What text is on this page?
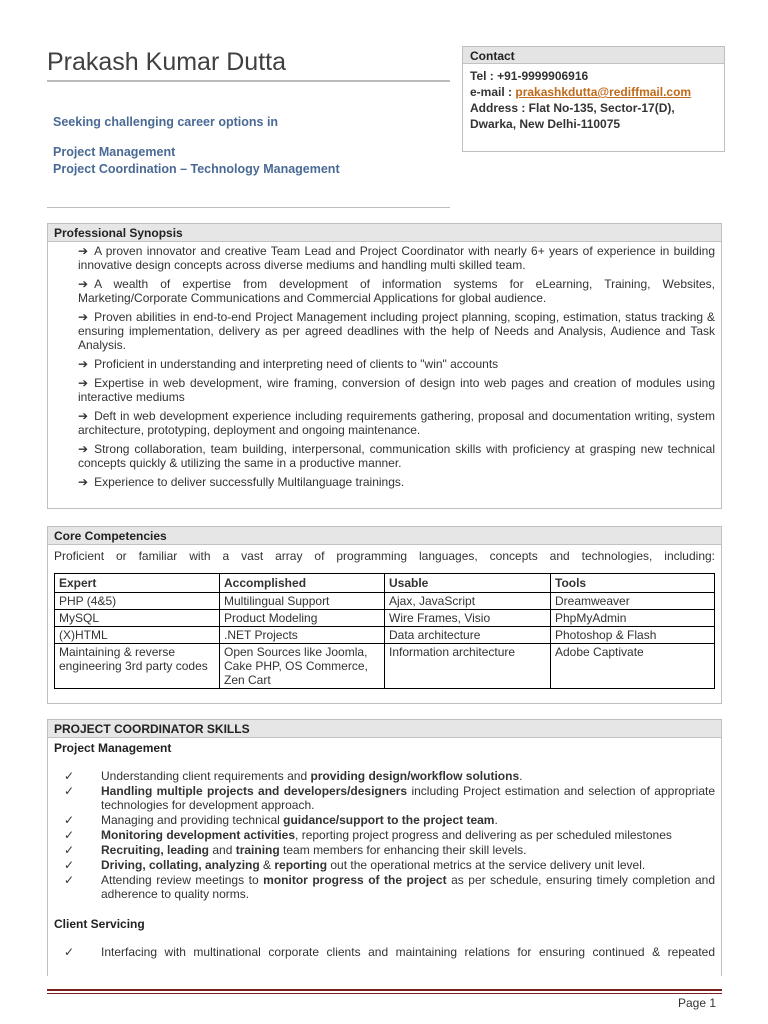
Prakash Kumar Dutta
Seeking challenging career options in
Project Management
Project Coordination – Technology Management
Contact
Tel : +91-9999906916
e-mail : prakashkdutta@rediffmail.com
Address : Flat No-135, Sector-17(D),
Dwarka, New Delhi-110075
Professional Synopsis
➔ A proven innovator and creative Team Lead and Project Coordinator with nearly 6+ years of experience in building innovative design concepts across diverse mediums and handling multi skilled team.
➔ A wealth of expertise from development of information systems for eLearning, Training, Websites, Marketing/Corporate Communications and Commercial Applications for global audience.
➔ Proven abilities in end-to-end Project Management including project planning, scoping, estimation, status tracking & ensuring implementation, delivery as per agreed deadlines with the help of Needs and Analysis, Audience and Task Analysis.
➔ Proficient in understanding and interpreting need of clients to "win" accounts
➔ Expertise in web development, wire framing, conversion of design into web pages and creation of modules using interactive mediums
➔ Deft in web development experience including requirements gathering, proposal and documentation writing, system architecture, prototyping, deployment and ongoing maintenance.
➔ Strong collaboration, team building, interpersonal, communication skills with proficiency at grasping new technical concepts quickly & utilizing the same in a productive manner.
➔ Experience to deliver successfully Multilanguage trainings.
Core Competencies
Proficient or familiar with a vast array of programming languages, concepts and technologies, including:
Expert	Accomplished	Usable	Tools
PHP (4&5)	Multilingual Support	Ajax, JavaScript	Dreamweaver
MySQL	Product Modeling	Wire Frames, Visio	PhpMyAdmin
(X)HTML	.NET Projects	Data architecture	Photoshop & Flash
Maintaining & reverse engineering 3rd party codes	Open Sources like Joomla, Cake PHP, OS Commerce, Zen Cart	Information architecture	Adobe Captivate
PROJECT COORDINATOR SKILLS
Project Management
✓	Understanding client requirements and providing design/workflow solutions.
✓	Handling multiple projects and developers/designers including Project estimation and selection of appropriate technologies for development approach.
✓	Managing and providing technical guidance/support to the project team.
✓	Monitoring development activities, reporting project progress and delivering as per scheduled milestones
✓	Recruiting, leading and training team members for enhancing their skill levels.
✓	Driving, collating, analyzing & reporting out the operational metrics at the service delivery unit level.
✓	Attending review meetings to monitor progress of the project as per schedule, ensuring timely completion and adherence to quality norms.
Client Servicing
✓	Interfacing with multinational corporate clients and maintaining relations for ensuring continued & repeated
Page 1
